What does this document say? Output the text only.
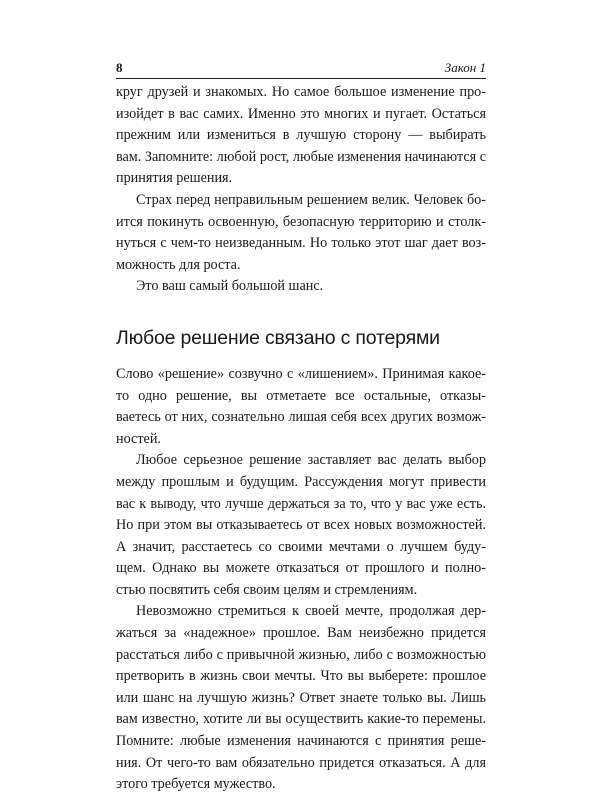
8	Закон 1

круг друзей и знакомых. Но самое большое изменение произойдет в вас самих. Именно это многих и пугает. Остаться прежним или измениться в лучшую сторону — выбирать вам. Запомните: любой рост, любые изменения начинаются с принятия решения.

Страх перед неправильным решением велик. Человек боится покинуть освоенную, безопасную территорию и столкнуться с чем-то неизведанным. Но только этот шаг дает возможность для роста.

Это ваш самый большой шанс.

Любое решение связано с потерями

Слово «решение» созвучно с «лишением». Принимая какое-то одно решение, вы отметаете все остальные, отказываетесь от них, сознательно лишая себя всех других возможностей.

Любое серьезное решение заставляет вас делать выбор между прошлым и будущим. Рассуждения могут привести вас к выводу, что лучше держаться за то, что у вас уже есть. Но при этом вы отказываетесь от всех новых возможностей. А значит, расстаетесь со своими мечтами о лучшем будущем. Однако вы можете отказаться от прошлого и полностью посвятить себя своим целям и стремлениям.

Невозможно стремиться к своей мечте, продолжая держаться за «надежное» прошлое. Вам неизбежно придется расстаться либо с привычной жизнью, либо с возможностью претворить в жизнь свои мечты. Что вы выберете: прошлое или шанс на лучшую жизнь? Ответ знаете только вы. Лишь вам известно, хотите ли вы осуществить какие-то перемены. Помните: любые изменения начинаются с принятия решения. От чего-то вам обязательно придется отказаться. А для этого требуется мужество.
